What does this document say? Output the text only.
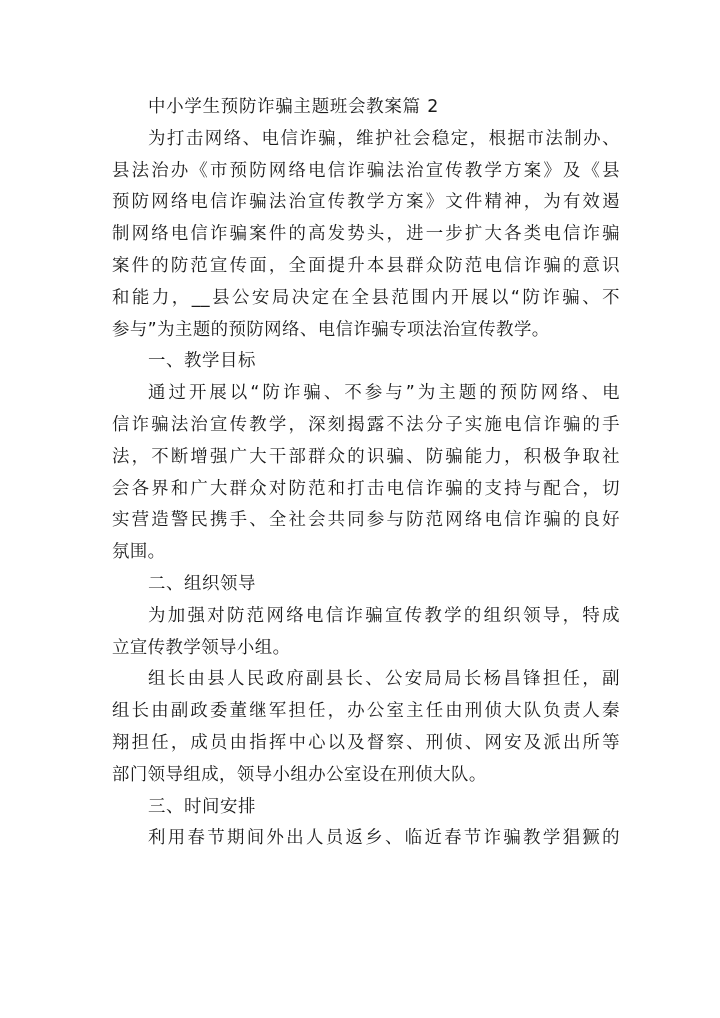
中小学生预防诈骗主题班会教案篇 2
为打击网络、电信诈骗，维护社会稳定，根据市法制办、
县法治办《市预防网络电信诈骗法治宣传教学方案》及《县
预防网络电信诈骗法治宣传教学方案》文件精神，为有效遏
制网络电信诈骗案件的高发势头，进一步扩大各类电信诈骗
案件的防范宣传面，全面提升本县群众防范电信诈骗的意识
和能力，__县公安局决定在全县范围内开展以“防诈骗、不
参与”为主题的预防网络、电信诈骗专项法治宣传教学。
一、教学目标
通过开展以“防诈骗、不参与”为主题的预防网络、电
信诈骗法治宣传教学，深刻揭露不法分子实施电信诈骗的手
法，不断增强广大干部群众的识骗、防骗能力，积极争取社
会各界和广大群众对防范和打击电信诈骗的支持与配合，切
实营造警民携手、全社会共同参与防范网络电信诈骗的良好
氛围。
二、组织领导
为加强对防范网络电信诈骗宣传教学的组织领导，特成
立宣传教学领导小组。
组长由县人民政府副县长、公安局局长杨昌锋担任，副
组长由副政委董继军担任，办公室主任由刑侦大队负责人秦
翔担任，成员由指挥中心以及督察、刑侦、网安及派出所等
部门领导组成，领导小组办公室设在刑侦大队。
三、时间安排
利用春节期间外出人员返乡、临近春节诈骗教学猖獗的
